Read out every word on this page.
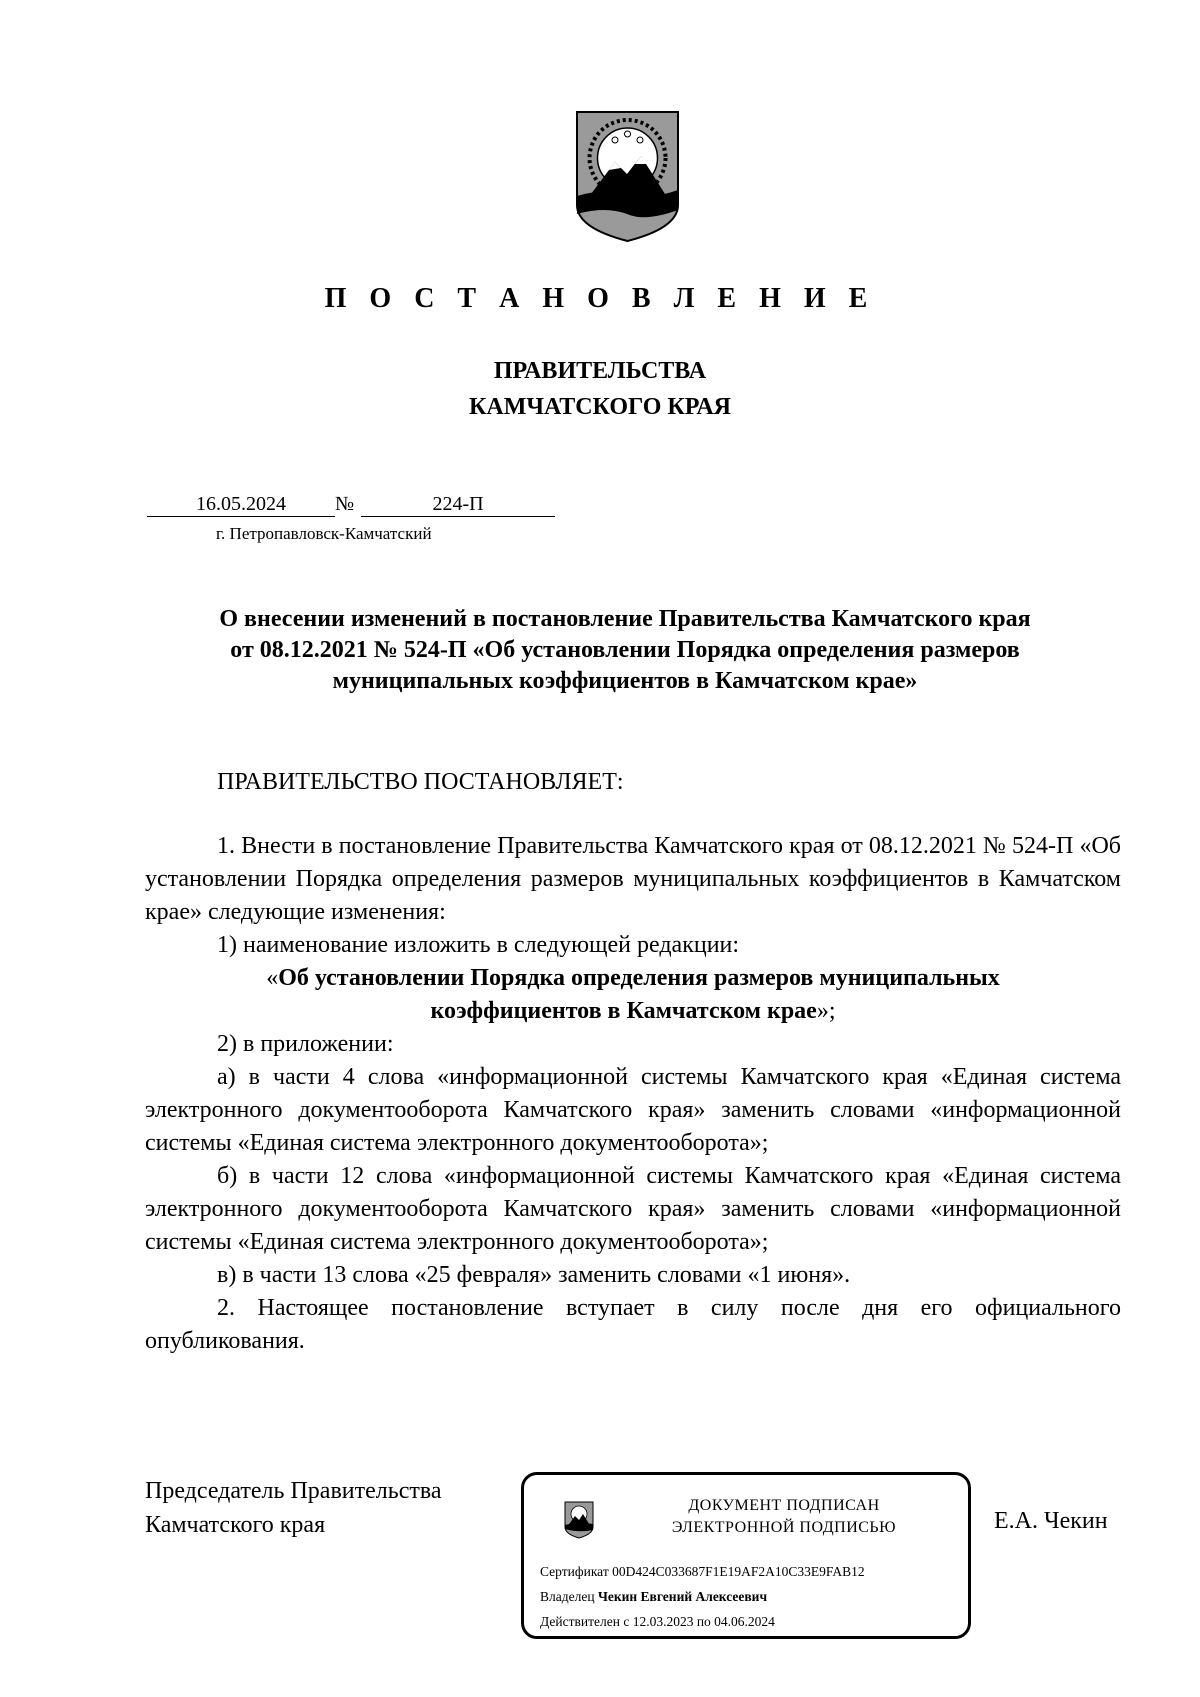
П О С Т А Н О В Л Е Н И Е
ПРАВИТЕЛЬСТВА
КАМЧАТСКОГО КРАЯ
16.05.2024	№	224-П
г. Петропавловск-Камчатский
О внесении изменений в постановление Правительства Камчатского края
от 08.12.2021 № 524-П «Об установлении Порядка определения размеров
муниципальных коэффициентов в Камчатском крае»
ПРАВИТЕЛЬСТВО ПОСТАНОВЛЯЕТ:

1. Внести в постановление Правительства Камчатского края от 08.12.2021 № 524-П «Об установлении Порядка определения размеров муниципальных коэффициентов в Камчатском крае» следующие изменения:

1) наименование изложить в следующей редакции:

«Об установлении Порядка определения размеров муниципальных коэффициентов в Камчатском крае»;

2) в приложении:

а) в части 4 слова «информационной системы Камчатского края «Единая система электронного документооборота Камчатского края» заменить словами «информационной системы «Единая система электронного документооборота»;

б) в части 12 слова «информационной системы Камчатского края «Единая система электронного документооборота Камчатского края» заменить словами «информационной системы «Единая система электронного документооборота»;

в) в части 13 слова «25 февраля» заменить словами «1 июня».

2. Настоящее постановление вступает в силу после дня его официального опубликования.

Председатель Правительства
Камчатского края	Е.А. Чекин
ДОКУМЕНТ ПОДПИСАН
ЭЛЕКТРОННОЙ ПОДПИСЬЮ
Сертификат 00D424C033687F1E19AF2A10C33E9FAB12
Владелец Чекин Евгений Алексеевич
Действителен с 12.03.2023 по 04.06.2024
